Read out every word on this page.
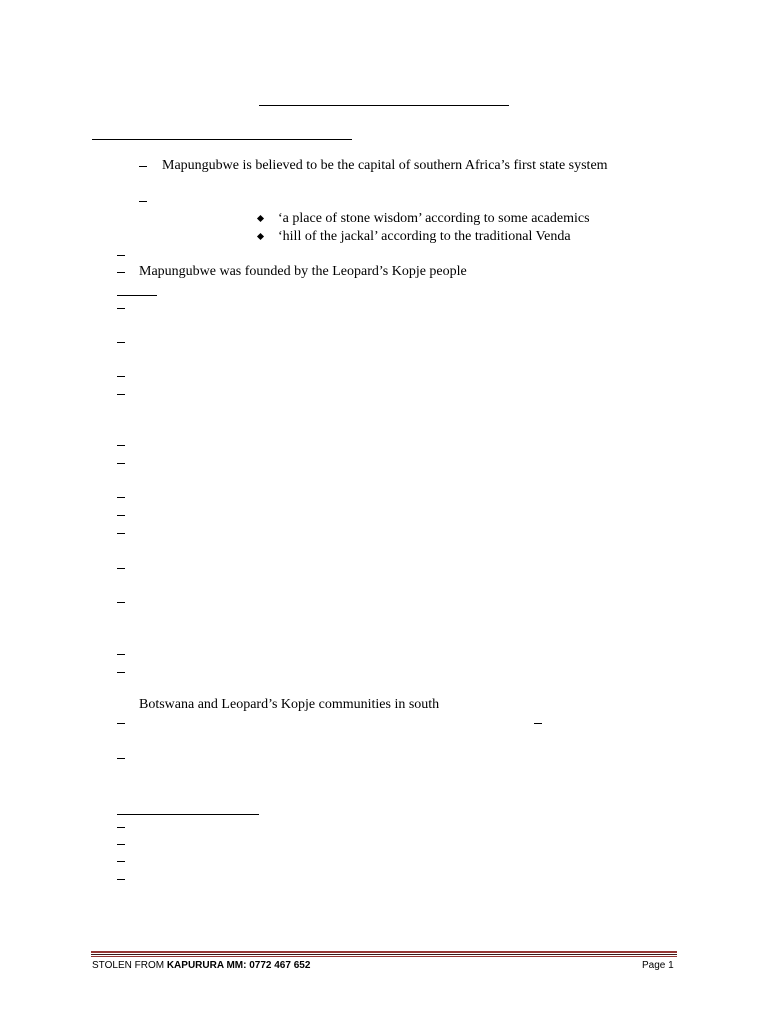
Mapungubwe is believed to be the capital of southern Africa’s first state system
‘a place of stone wisdom’ according to some academics
‘hill of the jackal’ according to the traditional Venda
Mapungubwe was founded by the Leopard’s Kopje people
Botswana and Leopard’s Kopje communities in south
STOLEN FROM KAPURURA MM: 0772 467 652	Page 1
